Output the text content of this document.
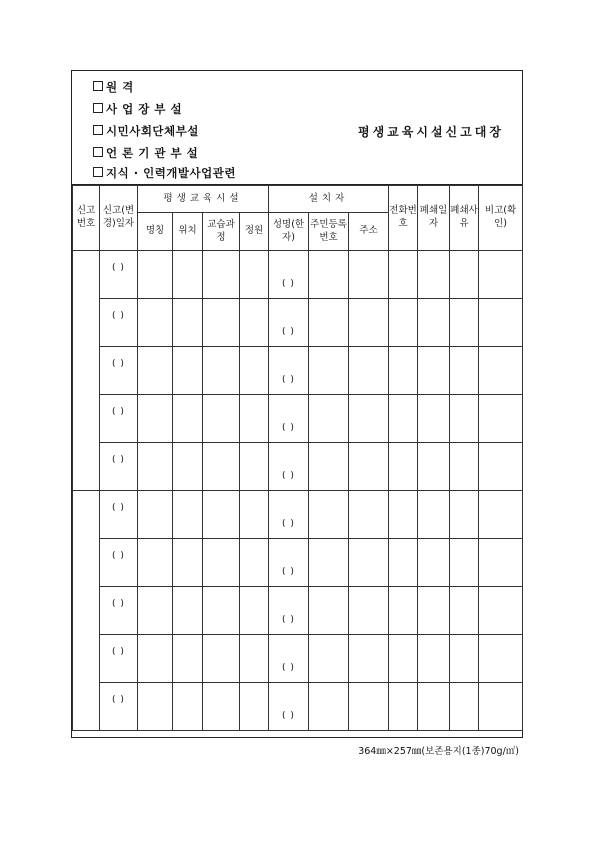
원 격
사 업 장 부 설
시민사회단체부설
언 론 기 관 부 설
지식 · 인력개발사업관련
평생교육시설신고대장
신고번호	신고(변경)일자	평생교육시설				설치자			전화번호	폐쇄일자	폐쇄사유	비고(확인)
		명칭	위치	교습과정	정원	성명(한자)	주민등록번호	주소				
	( )					( )						
	( )					( )						
	( )					( )						
	( )					( )						
	( )					( )						
	( )					( )						
	( )					( )						
	( )					( )						
	( )					( )						
	( )					( )						
364㎜×257㎜(보존용지(1종)70g/㎡)
